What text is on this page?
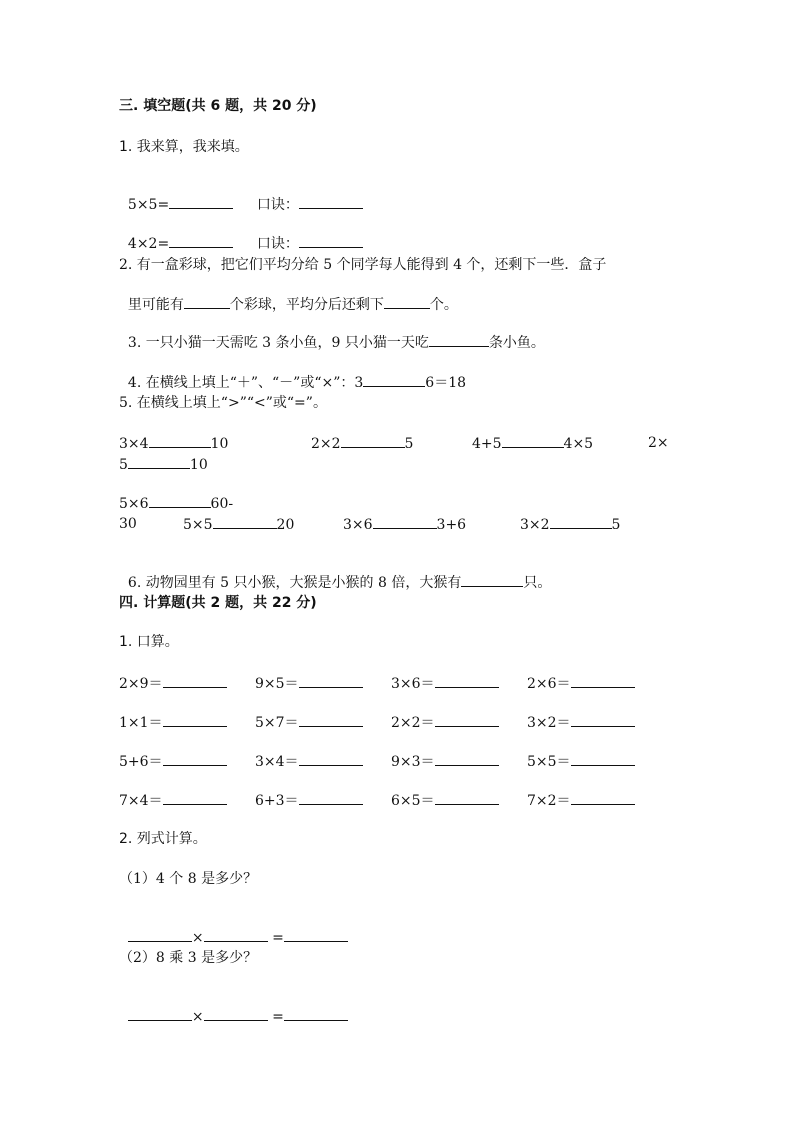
三. 填空题(共 6 题，共 20 分)
1. 我来算，我来填。

5×5=	口诀：

4×2=	口诀：

2. 有一盒彩球，把它们平均分给 5 个同学每人能得到 4 个，还剩下一些．盒子

里可能有	个彩球，平均分后还剩下	个。

3. 一只小猫一天需吃 3 条小鱼，9 只小猫一天吃	条小鱼。

4. 在横线上填上“＋”、“－”或“×”：3	6＝18

5. 在横线上填上“>”“<”或“=”。
3×4	10	2×2	5	4+5	4×5	2×
5	10
5×6	60-
30	5×5	20	3×6	3+6	3×2	5

6. 动物园里有 5 只小猴，大猴是小猴的 8 倍，大猴有	只。

四. 计算题(共 2 题，共 22 分)
1. 口算。
2×9＝	9×5＝	3×6＝	2×6＝
1×1＝	5×7＝	2×2＝	3×2＝
5+6＝	3×4＝	9×3＝	5×5＝
7×4＝	6+3＝	6×5＝	7×2＝
2. 列式计算。
（1）4 个 8 是多少？

×	=

（2）8 乘 3 是多少？

×	=
